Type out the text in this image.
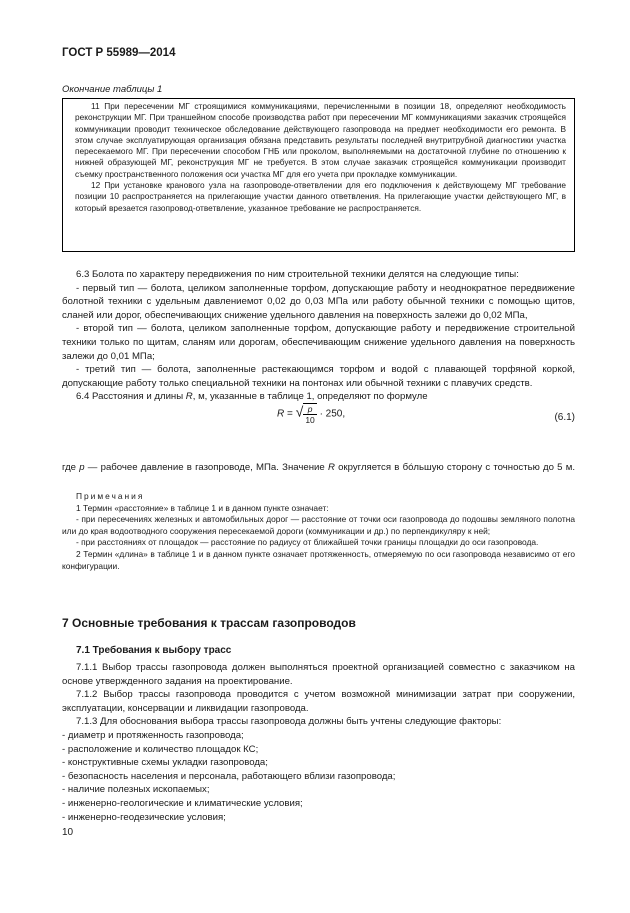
ГОСТ Р 55989—2014
Окончание таблицы 1

11 При пересечении МГ строящимися коммуникациями, перечисленными в позиции 18, определяют необходимость реконструкции МГ. При траншейном способе производства работ при пересечении МГ коммуникациями заказчик строящейся коммуникации проводит техническое обследование действующего газопровода на предмет необходимости его ремонта. В этом случае эксплуатирующая организация обязана представить результаты последней внутритрубной диагностики участка пересекаемого МГ. При пересечении способом ГНБ или проколом, выполняемыми на достаточной глубине по отношению к нижней образующей МГ, реконструкция МГ не требуется. В этом случае заказчик строящейся коммуникации производит съемку пространственного положения оси участка МГ для его учета при прокладке коммуникации.

12 При установке кранового узла на газопроводе-ответвлении для его подключения к действующему МГ требование позиции 10 распространяется на прилегающие участки данного ответвления. На прилегающие участки действующего МГ, в который врезается газопровод-ответвление, указанное требование не распространяется.

6.3 Болота по характеру передвижения по ним строительной техники делятся на следующие типы:

- первый тип — болота, целиком заполненные торфом, допускающие работу и неоднократное передвижение болотной техники с удельным давлениемот 0,02 до 0,03 МПа или работу обычной техники с помощью щитов, сланей или дорог, обеспечивающих снижение удельного давления на поверхность залежи до 0,02 МПа,

- второй тип — болота, целиком заполненные торфом, допускающие работу и передвижение строительной техники только по щитам, сланям или дорогам, обеспечивающим снижение удельного давления на поверхность залежи до 0,01 МПа;

- третий тип — болота, заполненные растекающимся торфом и водой с плавающей торфяной коркой, допускающие работу только специальной техники на понтонах или обычной техники с плавучих средств.

6.4 Расстояния и длины R, м, указанные в таблице 1, определяют по формуле

R = √ $\frac{p}{10} \cdot 250$,	(6.1)

где p — рабочее давление в газопроводе, МПа. Значение R округляется в бóльшую сторону с точностью до 5 м.

Примечания

1 Термин «расстояние» в таблице 1 и в данном пункте означает:

- при пересечениях железных и автомобильных дорог — расстояние от точки оси газопровода до подошвы земляного полотна или до края водоотводного сооружения пересекаемой дороги (коммуникации и др.) по перпендикуляру к ней;

- при расстояниях от площадок — расстояние по радиусу от ближайшей точки границы площадки до оси газопровода.

2 Термин «длина» в таблице 1 и в данном пункте означает протяженность, отмеряемую по оси газопровода независимо от его конфигурации.

7 Основные требования к трассам газопроводов
7.1 Требования к выбору трасс

7.1.1 Выбор трассы газопровода должен выполняться проектной организацией совместно с заказчиком на основе утвержденного задания на проектирование.

7.1.2 Выбор трассы газопровода проводится с учетом возможной минимизации затрат при сооружении, эксплуатации, консервации и ликвидации газопровода.

7.1.3 Для обоснования выбора трассы газопровода должны быть учтены следующие факторы:

- диаметр и протяженность газопровода;

- расположение и количество площадок КС;

- конструктивные схемы укладки газопровода;

- безопасность населения и персонала, работающего вблизи газопровода;

- наличие полезных ископаемых;

- инженерно-геологические и климатические условия;

- инженерно-геодезические условия;

10
